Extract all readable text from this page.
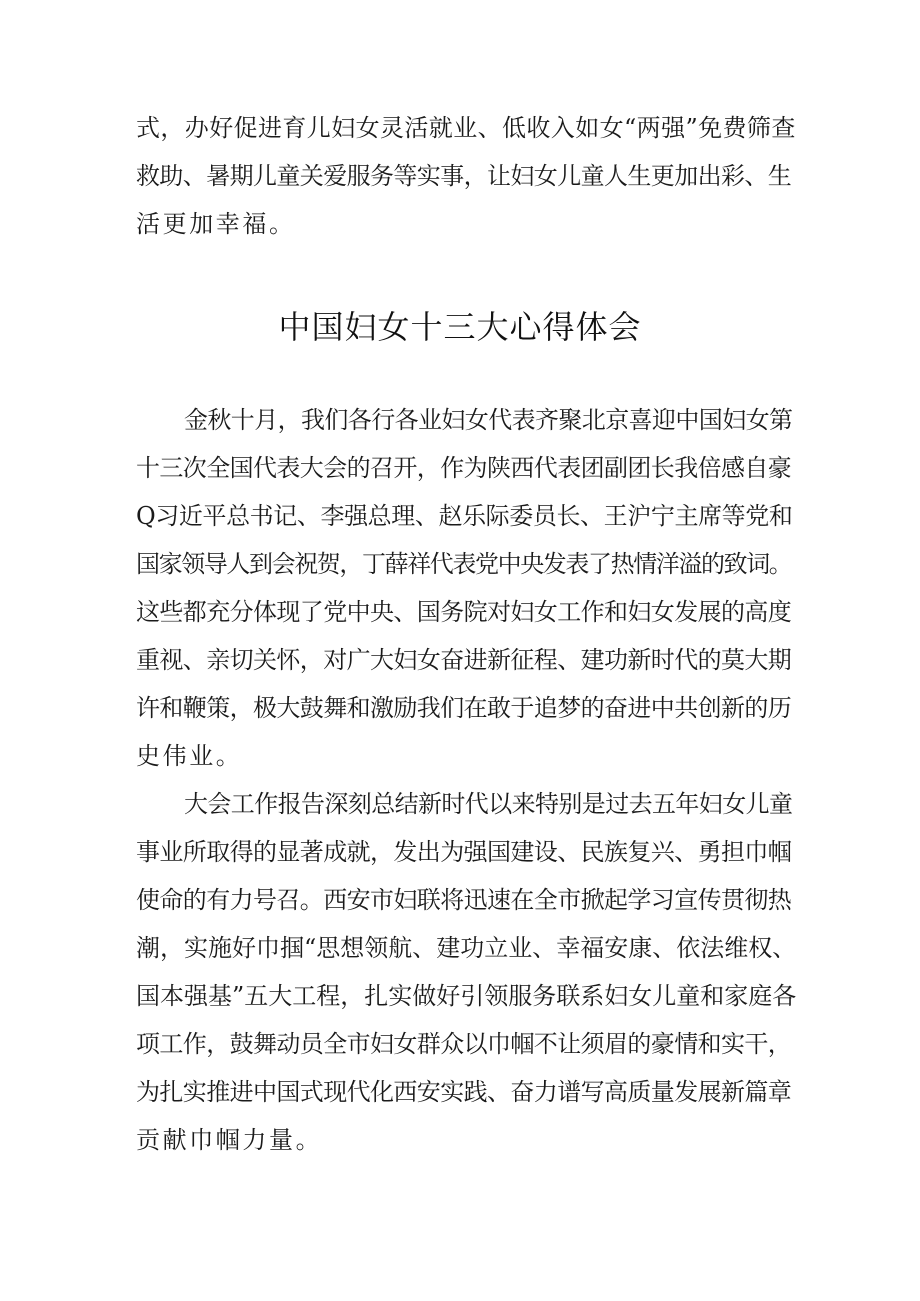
式，办好促进育儿妇女灵活就业、低收入如女“两强”免费筛查
救助、暑期儿童关爱服务等实事，让妇女儿童人生更加出彩、生
活更加幸福。
中国妇女十三大心得体会
金秋十月，我们各行各业妇女代表齐聚北京喜迎中国妇女第
十三次全国代表大会的召开，作为陕西代表团副团长我倍感自豪
Q习近平总书记、李强总理、赵乐际委员长、王沪宁主席等党和
国家领导人到会祝贺，丁薛祥代表党中央发表了热情洋溢的致词。
这些都充分体现了党中央、国务院对妇女工作和妇女发展的高度
重视、亲切关怀，对广大妇女奋进新征程、建功新时代的莫大期
许和鞭策，极大鼓舞和激励我们在敢于追梦的奋进中共创新的历
史伟业。
大会工作报告深刻总结新时代以来特别是过去五年妇女儿童
事业所取得的显著成就，发出为强国建设、民族复兴、勇担巾帼
使命的有力号召。西安市妇联将迅速在全市掀起学习宣传贯彻热
潮，实施好巾掴“思想领航、建功立业、幸福安康、依法维权、
国本强基”五大工程，扎实做好引领服务联系妇女儿童和家庭各
项工作，鼓舞动员全市妇女群众以巾帼不让须眉的豪情和实干，
为扎实推进中国式现代化西安实践、奋力谱写高质量发展新篇章
贡献巾帼力量。
